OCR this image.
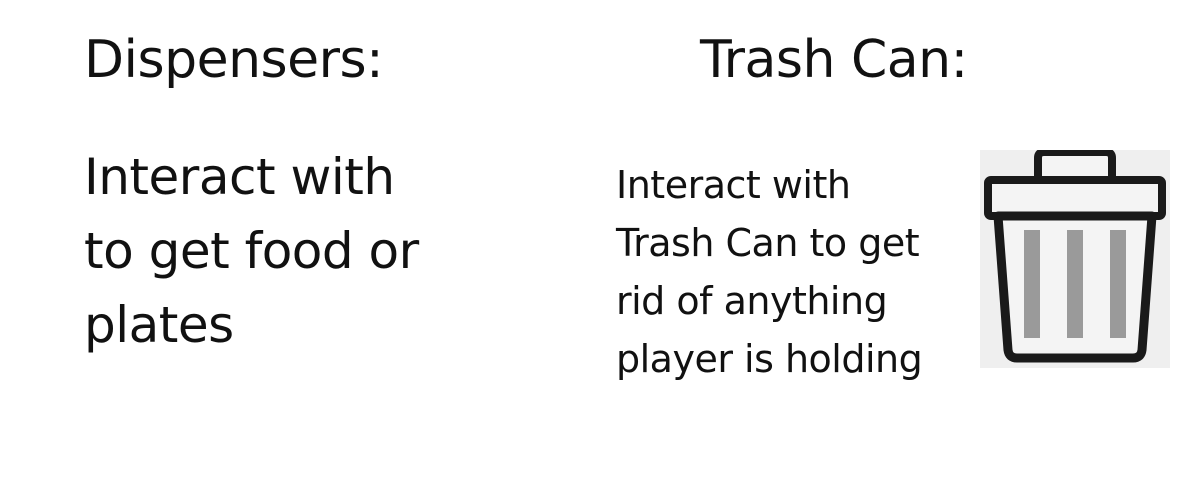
Dispensers:
Interact with
to get food or
plates
Trash Can:
Interact with
Trash Can to get
rid of anything
player is holding
